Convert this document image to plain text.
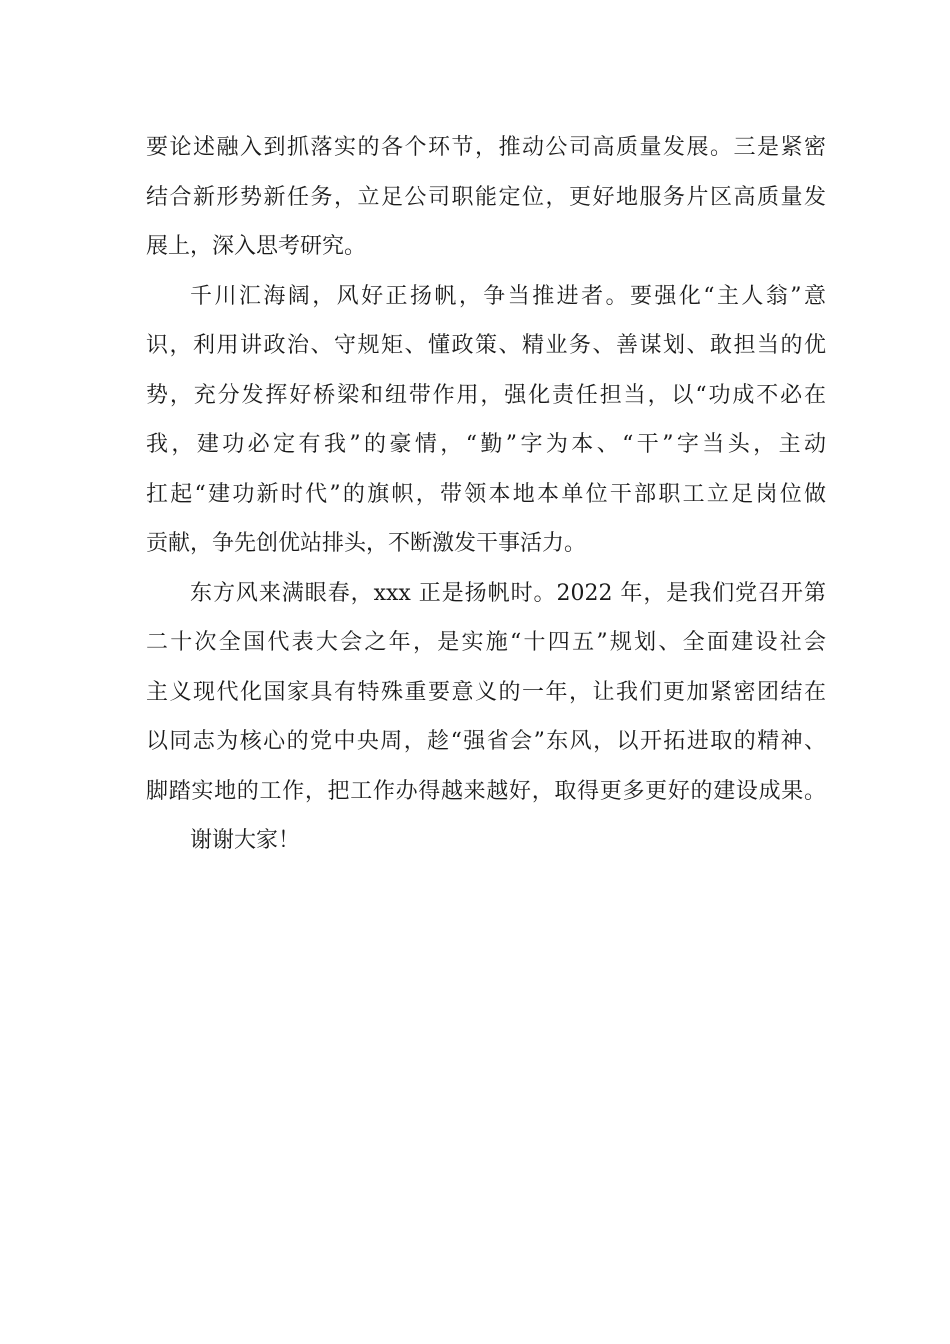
要论述融入到抓落实的各个环节，推动公司高质量发展。三是紧密
结合新形势新任务，立足公司职能定位，更好地服务片区高质量发
展上，深入思考研究。
千川汇海阔，风好正扬帆，争当推进者。要强化“主人翁”意
识，利用讲政治、守规矩、懂政策、精业务、善谋划、敢担当的优
势，充分发挥好桥梁和纽带作用，强化责任担当，以“功成不必在
我，建功必定有我”的豪情，“勤”字为本、“干”字当头，主动
扛起“建功新时代”的旗帜，带领本地本单位干部职工立足岗位做
贡献，争先创优站排头，不断激发干事活力。
东方风来满眼春，xxx 正是扬帆时。2022 年，是我们党召开第
二十次全国代表大会之年，是实施“十四五”规划、全面建设社会
主义现代化国家具有特殊重要意义的一年，让我们更加紧密团结在
以同志为核心的党中央周，趁“强省会”东风，以开拓进取的精神、
脚踏实地的工作，把工作办得越来越好，取得更多更好的建设成果。
谢谢大家！
